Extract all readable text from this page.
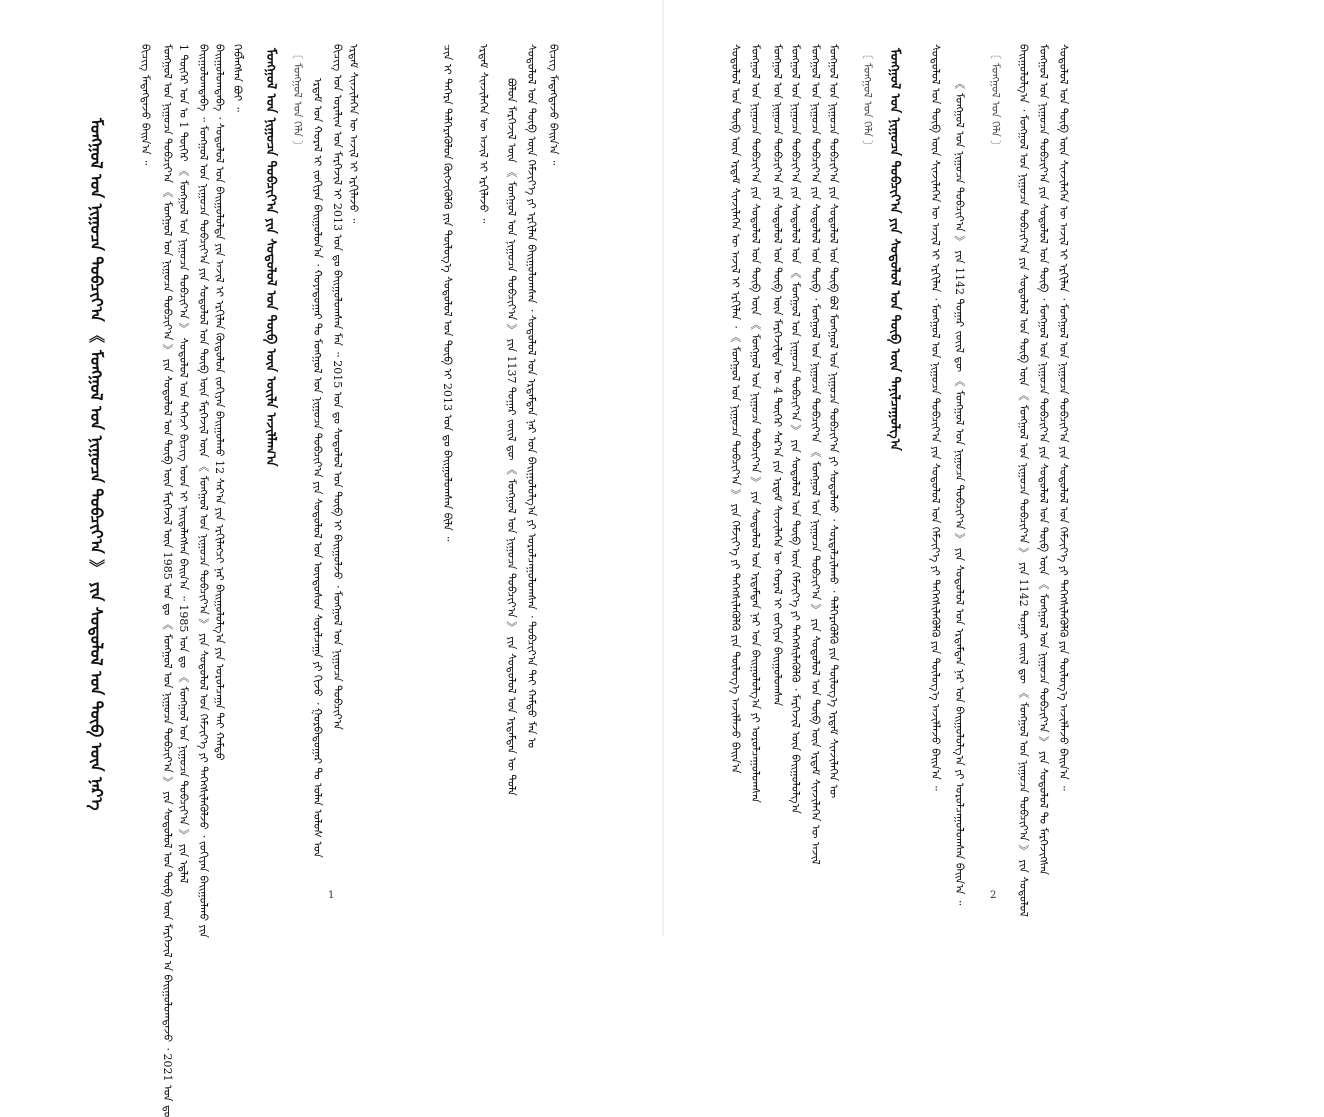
ᠮᠣᠩᠭᠣᠯ ᠤᠨ ᠨᠢᠭᠤᠴᠠ ᠲᠣᠪᠴᠢᠶ᠎ᠠ 《 ᠮᠣᠩᠭᠣᠯ ᠤᠨ ᠨᠢᠭᠤᠴᠠ ᠲᠣᠪᠴᠢᠶ᠎ᠠ 》 ᠶᠢᠨ ᠰᠤᠳᠤᠯᠤᠯ ᠤᠨ ᠲᠥᠪ ᠦᠨ ᠨᠡᠷ᠎ᠡ
ᠪᠢᠴᠢᠭ᠌ ᠮᠡᠳᠡᠭᠳᠡᠵᠦ ᠪᠠᠢᠨ᠎ᠠ ᠃ ᠮᠣᠩᠭᠣᠯ ᠤᠨ ᠨᠢᠭᠤᠴᠠ ᠲᠣᠪᠴᠢᠶ᠎ᠠ 《 ᠮᠣᠩᠭᠣᠯ ᠤᠨ ᠨᠢᠭᠤᠴᠠ ᠲᠣᠪᠴᠢᠶ᠎ᠠ 》 ᠶᠢᠨ ᠰᠤᠳᠤᠯᠤᠯ ᠤᠨ ᠲᠥᠪ ᠦᠨ ᠮᠡᠷᠭᠡᠵᠢᠯ ᠦᠨ 1985 ᠣᠨ ᠳᠤ 《 ᠮᠣᠩᠭᠣᠯ ᠤᠨ ᠨᠢᠭᠤᠴᠠ ᠲᠣᠪᠴᠢᠶ᠎ᠠ 》 ᠶᠢᠨ ᠰᠤᠳᠤᠯᠤᠯ ᠤᠨ ᠲᠥᠪ ᠦᠨ ᠮᠡᠷᠭᠡᠵᠢᠯ ᠡᠨ ᠪᠠᠢᠭᠤᠯᠤᠭᠳᠠᠵᠤ ᠂ 2021 ᠣᠨ ᠳᠤ 1 ᠳᠦᠭᠡᠷ ᠣᠨ ᠤ 1 ᠳᠦᠭᠡᠷ 《 ᠮᠣᠩᠭᠣᠯ ᠤᠨ ᠨᠢᠭᠤᠴᠠ ᠲᠣᠪᠴᠢᠶ᠎ᠠ 》 ᠰᠤᠳᠤᠯᠤᠯ ᠤᠨ ᠳᠡᠭᠡᠵᠢ ᠪᠢᠴᠢᠭ ᠤᠳ ᠢ ᠨᠡᠢᠲᠡᠯᠡᠭᠰᠡᠨ ᠪᠠᠢᠨ᠎ᠠ ᠃ 1985 ᠣᠨ ᠳᠤ 《 ᠮᠣᠩᠭᠣᠯ ᠤᠨ ᠨᠢᠭᠤᠴᠠ ᠲᠣᠪᠴᠢᠶ᠎ᠠ 》 ᠶᠢᠨ ᠡᠳ᠋ᠯᠡᠯ ᠪᠠᠢᠭᠤᠯᠤᠭᠳᠠᠪᠠ ᠃ ᠮᠣᠩᠭᠣᠯ ᠤᠨ ᠨᠢᠭᠤᠴᠠ ᠲᠣᠪᠴᠢᠶ᠎ᠠ ᠶᠢᠨ ᠰᠤᠳᠤᠯᠤᠯ ᠤᠨ ᠲᠥᠪ ᠦᠨ ᠮᠡᠷᠭᠡᠵᠢᠯ ᠦᠨ 《 ᠮᠣᠩᠭᠣᠯ ᠤᠨ ᠨᠢᠭᠤᠴᠠ ᠲᠣᠪᠴᠢᠶ᠎ᠠ 》 ᠶᠢᠨ ᠰᠤᠳᠤᠯᠤᠯ ᠤᠨ ᠬᠡᠮᠵᠢᠶ᠎ᠡ ᠶᠢ ᠳᠡᠭᠡᠭᠰᠢᠯᠡᠭᠦᠯᠵᠦ ᠂ ᠵᠣᠬᠢᠶᠠᠨ ᠪᠠᠢᠭᠤᠯᠬᠤ ᠶᠢᠨ ᠪᠠᠢᠭᠤᠯᠤᠭᠳᠠᠪᠠ ᠂ ᠰᠤᠳᠤᠯᠤᠯ ᠤᠨ ᠪᠠᠢᠭᠤᠯᠤᠯᠲᠠ ᠶᠢᠨ ᠠᠵᠢᠯ ᠢ ᠡᠷᠬᠢᠯᠡᠨ ᠬᠥᠲᠦᠯᠦᠨ ᠵᠣᠬᠢᠶᠠᠨ ᠪᠠᠢᠭᠤᠯᠬᠤ 12 ᠰᠠᠷ᠎ᠠ ᠶᠢᠨ ᠡᠷᠬᠢᠯᠡᠭᠴᠢ ᠨᠠᠷ ᠪᠠᠢᠭᠤᠯᠤᠯᠭ᠎ᠠ ᠶᠢᠨ ᠣᠷᠣᠯᠴᠠᠭᠠ ᠲᠠᠢ ᠬᠠᠮᠲᠤ ᠬᠡᠪᠯᠡᠭᠰᠡᠨ ᠪᠤᠢ ᠃ ᠮᠣᠩᠭᠣᠯ ᠤᠨ ᠨᠢᠭᠤᠴᠠ ᠲᠣᠪᠴᠢᠶ᠎ᠠ ᠶᠢᠨ ᠰᠤᠳᠤᠯᠤᠯ ᠤᠨ ᠲᠥᠪ ᠦᠨ ᠦᠢᠯᠡ ᠠᠵᠢᠯᠯᠠᠭ᠎ᠠ 〔 ᠮᠣᠩᠭᠣᠯ ᠤᠨ ᠬᠡᠯᠡ 〕 ᠡᠷᠳᠡᠮ ᠤᠨ ᠬᠤᠷᠠᠯ ᠢ ᠵᠣᠬᠢᠶᠠᠨ ᠪᠠᠢᠭᠤᠯᠤᠨ᠎ᠠ ᠂ ᠬᠣᠶᠠᠳᠤᠭᠠᠷ ᠲᠤ ᠮᠣᠩᠭᠣᠯ ᠤᠨ ᠨᠢᠭᠤᠴᠠ ᠲᠣᠪᠴᠢᠶ᠎ᠠ ᠶᠢᠨ ᠰᠤᠳᠤᠯᠤᠯ ᠤᠨ ᠦᠨᠳᠦᠰᠦᠨ ᠰᠤᠷᠠᠯᠴᠠᠭᠠ ᠶᠢ ᠬᠢᠵᠦ ᠂ ᠭᠤᠷᠪᠠᠳᠤᠭᠠᠷ ᠲᠤ ᠣᠯᠠᠨ ᠤᠯᠤᠰ ᠤᠨ ᠪᠢᠴᠢᠭ ᠤᠨ ᠤᠷᠠᠯᠢᠭ ᠤᠨ ᠮᠡᠷᠭᠡᠵᠢᠯ ᠢ 2013 ᠣᠨ ᠳᠤ ᠪᠠᠢᠭᠤᠯᠤᠭᠰᠠᠨ ᠮᠠᠨ ᠃ 2015 ᠣᠨ ᠳᠤ ᠰᠤᠳᠤᠯᠤᠯ ᠤᠨ ᠲᠥᠪ ᠢ ᠪᠠᠢᠭᠤᠯᠵᠤ ᠂ ᠮᠣᠩᠭᠣᠯ ᠤᠨ ᠨᠢᠭᠤᠴᠠ ᠲᠣᠪᠴᠢᠶ᠎ᠠ ᠡᠷᠳᠡᠮ ᠰᠢᠨᠵᠢᠯᠡᠭᠡᠨ ᠦ ᠠᠵᠢᠯ ᠢ ᠡᠷᠬᠢᠯᠡᠵᠦ ᠃	ᠴᠢᠨ ᠢ ᠳᠡᠭᠡᠷᠡ ᠳᠡᠯᠭᠡᠷᠡᠭᠦᠯᠦᠨ ᠬᠥᠭᠵᠢᠭᠦᠯᠬᠦ ᠶᠢᠨ ᠲᠥᠯᠦᠭ᠎ᠡ ᠰᠤᠳᠤᠯᠤᠯ ᠤᠨ ᠲᠥᠪ ᠢ 2013 ᠣᠨ ᠳᠤ ᠪᠠᠢᠭᠤᠯᠤᠭᠰᠠᠨ ᠪᠢᠯᠡ ᠃ ᠡᠷᠳᠡᠮ ᠰᠢᠨᠵᠢᠯᠡᠭᠡᠨ ᠦ ᠠᠵᠢᠯ ᠢ ᠡᠷᠬᠢᠯᠡᠵᠦ ᠃ ᠪᠤᠯᠤᠨ ᠮᠡᠷᠭᠡᠵᠢᠯ ᠦᠨ 《 ᠮᠣᠩᠭᠣᠯ ᠤᠨ ᠨᠢᠭᠤᠴᠠ ᠲᠣᠪᠴᠢᠶ᠎ᠠ 》 ᠶᠢᠨ 1137 ᠳᠤᠭᠠᠷ ᠵᠦᠢᠯ ᠳᠦ 《 ᠮᠣᠩᠭᠣᠯ ᠤᠨ ᠨᠢᠭᠤᠴᠠ ᠲᠣᠪᠴᠢᠶ᠎ᠠ 》 ᠶᠢᠨ ᠰᠤᠳᠤᠯᠤᠯ ᠤᠨ ᠡᠷᠳᠡᠮᠲᠡᠨ ᠦ ᠳᠤᠯᠠ ᠰᠤᠳᠤᠯᠤᠯ ᠤᠨ ᠲᠥᠪ ᠦᠨ ᠬᠡᠮᠵᠢᠶ᠎ᠡ ᠶᠢ ᠡᠷᠬᠢᠯᠡᠨ ᠪᠠᠢᠭᠤᠯᠤᠭᠰᠠᠨ ᠂ ᠰᠤᠳᠤᠯᠤᠯ ᠤᠨ ᠡᠷᠳᠡᠮᠲᠡᠨ ᠨᠠᠷ ᠤᠨ ᠪᠠᠢᠭᠤᠯᠤᠯᠭ᠎ᠠ ᠶᠢ ᠣᠷᠣᠯᠴᠠᠭᠤᠯᠤᠭᠰᠠᠨ ᠂ ᠲᠣᠪᠴᠢᠶ᠎ᠠ ᠲᠠᠢ ᠬᠠᠮᠲᠤ ᠮᠠᠨ ᠤ ᠪᠢᠴᠢᠭ᠌ ᠮᠡᠳᠡᠭᠳᠡᠵᠦ ᠪᠠᠢᠨ᠎ᠠ ᠃
1
ᠰᠤᠳᠤᠯᠤᠯ ᠤᠨ ᠲᠥᠪ ᠦᠨ ᠡᠷᠳᠡᠮ ᠰᠢᠨᠵᠢᠯᠡᠭᠡᠨ ᠦ ᠠᠵᠢᠯ ᠢ ᠡᠷᠬᠢᠯᠡᠨ ᠂ 《 ᠮᠣᠩᠭᠣᠯ ᠤᠨ ᠨᠢᠭᠤᠴᠠ ᠲᠣᠪᠴᠢᠶ᠎ᠠ 》 ᠶᠢᠨ ᠬᠡᠮᠵᠢᠶ᠎ᠡ ᠶᠢ ᠳᠡᠭᠡᠭᠰᠢᠯᠡᠭᠦᠯᠬᠦ ᠶᠢᠨ ᠲᠥᠯᠦᠭ᠎ᠡ ᠠᠵᠢᠯᠯᠠᠵᠤ ᠪᠠᠢᠨ᠎ᠠ ᠮᠣᠩᠭᠣᠯ ᠤᠨ ᠨᠢᠭᠤᠴᠠ ᠲᠣᠪᠴᠢᠶ᠎ᠠ ᠶᠢᠨ ᠰᠤᠳᠤᠯᠤᠯ ᠤᠨ ᠲᠥᠪ ᠦᠨ 《 ᠮᠣᠩᠭᠣᠯ ᠤᠨ ᠨᠢᠭᠤᠴᠠ ᠲᠣᠪᠴᠢᠶ᠎ᠠ 》 ᠶᠢᠨ ᠰᠤᠳᠤᠯᠤᠯ ᠤᠨ ᠡᠷᠳᠡᠮᠲᠡᠨ ᠨᠠᠷ ᠤᠨ ᠪᠠᠢᠭᠤᠯᠤᠯᠭ᠎ᠠ ᠶᠢ ᠣᠷᠣᠯᠴᠠᠭᠤᠯᠤᠭᠰᠠᠨ ᠮᠣᠩᠭᠣᠯ ᠤᠨ ᠨᠢᠭᠤᠴᠠ ᠲᠣᠪᠴᠢᠶ᠎ᠠ ᠶᠢᠨ ᠰᠤᠳᠤᠯᠤᠯ ᠤᠨ ᠲᠥᠪ ᠦᠨ ᠮᠡᠷᠭᠡᠵᠢᠯᠲᠡᠨ ᠦ 4 ᠳᠦᠭᠡᠷ ᠰᠠᠷ᠎ᠠ ᠶᠢᠨ ᠡᠷᠳᠡᠮ ᠰᠢᠨᠵᠢᠯᠡᠭᠡᠨ ᠦ ᠬᠤᠷᠠᠯ ᠢ ᠵᠣᠬᠢᠶᠠᠨ ᠪᠠᠢᠭᠤᠯᠤᠭᠰᠠᠨ ᠮᠣᠩᠭᠣᠯ ᠤᠨ ᠨᠢᠭᠤᠴᠠ ᠲᠣᠪᠴᠢᠶ᠎ᠠ ᠶᠢᠨ ᠰᠤᠳᠤᠯᠤᠯ ᠤᠨ 《 ᠮᠣᠩᠭᠣᠯ ᠤᠨ ᠨᠢᠭᠤᠴᠠ ᠲᠣᠪᠴᠢᠶ᠎ᠠ 》 ᠶᠢᠨ ᠰᠤᠳᠤᠯᠤᠯ ᠤᠨ ᠲᠥᠪ ᠦᠨ ᠬᠡᠮᠵᠢᠶ᠎ᠡ ᠶᠢ ᠳᠡᠭᠡᠭᠰᠢᠯᠡᠭᠦᠯᠬᠦ ᠂ ᠮᠡᠷᠭᠡᠵᠢᠯ ᠦᠨ ᠪᠠᠢᠭᠤᠯᠤᠯᠭ᠎ᠠ ᠮᠣᠩᠭᠣᠯ ᠤᠨ ᠨᠢᠭᠤᠴᠠ ᠲᠣᠪᠴᠢᠶ᠎ᠠ ᠶᠢᠨ ᠰᠤᠳᠤᠯᠤᠯ ᠤᠨ ᠲᠥᠪ ᠂ ᠮᠣᠩᠭᠣᠯ ᠤᠨ ᠨᠢᠭᠤᠴᠠ ᠲᠣᠪᠴᠢᠶ᠎ᠠ 《 ᠮᠣᠩᠭᠣᠯ ᠤᠨ ᠨᠢᠭᠤᠴᠠ ᠲᠣᠪᠴᠢᠶ᠎ᠠ 》 ᠶᠢᠨ ᠰᠤᠳᠤᠯᠤᠯ ᠤᠨ ᠲᠥᠪ ᠦᠨ ᠡᠷᠳᠡᠮ ᠰᠢᠨᠵᠢᠯᠡᠭᠡᠨ ᠦ ᠠᠵᠢᠯ ᠮᠣᠩᠭᠣᠯ ᠤᠨ ᠨᠢᠭᠤᠴᠠ ᠲᠣᠪᠴᠢᠶ᠎ᠠ ᠶᠢᠨ ᠰᠤᠳᠤᠯᠤᠯ ᠤᠨ ᠲᠥᠪ ᠪᠣᠯ ᠮᠣᠩᠭᠣᠯ ᠤᠨ ᠨᠢᠭᠤᠴᠠ ᠲᠣᠪᠴᠢᠶ᠎ᠠ ᠶᠢ ᠰᠤᠳᠤᠯᠬᠤ ᠂ ᠰᠤᠷᠲᠠᠯᠴᠢᠯᠠᠬᠤ ᠂ ᠳᠡᠯᠭᠡᠷᠡᠭᠦᠯᠬᠦ ᠶᠢᠨ ᠲᠥᠯᠦᠭ᠎ᠡ ᠡᠷᠳᠡᠮ ᠰᠢᠨᠵᠢᠯᠡᠭᠡᠨ ᠦ 〔 ᠮᠣᠩᠭᠣᠯ ᠤᠨ ᠬᠡᠯᠡ 〕 ᠮᠣᠩᠭᠣᠯ ᠤᠨ ᠨᠢᠭᠤᠴᠠ ᠲᠣᠪᠴᠢᠶ᠎ᠠ ᠶᠢᠨ ᠰᠤᠳᠤᠯᠤᠯ ᠤᠨ ᠲᠥᠪ ᠦᠨ ᠲᠠᠨᠢᠯᠴᠠᠭᠤᠯᠭ᠎ᠠ ᠰᠤᠳᠤᠯᠤᠯ ᠤᠨ ᠲᠥᠪ ᠦᠨ ᠰᠢᠨᠵᠢᠯᠡᠭᠡᠨ ᠦ ᠠᠵᠢᠯ ᠢ ᠡᠷᠬᠢᠯᠡᠨ ᠂ ᠮᠣᠩᠭᠣᠯ ᠤᠨ ᠨᠢᠭᠤᠴᠠ ᠲᠣᠪᠴᠢᠶ᠎ᠠ ᠶᠢᠨ ᠰᠤᠳᠤᠯᠤᠯ ᠤᠨ ᠬᠡᠮᠵᠢᠶ᠎ᠡ ᠶᠢ ᠳᠡᠭᠡᠭᠰᠢᠯᠡᠭᠦᠯᠬᠦ ᠶᠢᠨ ᠲᠥᠯᠦᠭ᠎ᠡ ᠠᠵᠢᠯᠯᠠᠵᠤ ᠪᠠᠢᠨ᠎ᠠ ᠃ 《 ᠮᠣᠩᠭᠣᠯ ᠤᠨ ᠨᠢᠭᠤᠴᠠ ᠲᠣᠪᠴᠢᠶ᠎ᠠ 》 ᠶᠢᠨ 1142 ᠳᠤᠭᠠᠷ ᠵᠦᠢᠯ ᠳᠦ 《 ᠮᠣᠩᠭᠣᠯ ᠤᠨ ᠨᠢᠭᠤᠴᠠ ᠲᠣᠪᠴᠢᠶ᠎ᠠ 》 ᠶᠢᠨ ᠰᠤᠳᠤᠯᠤᠯ ᠤᠨ ᠡᠷᠳᠡᠮᠲᠡᠨ ᠨᠠᠷ ᠤᠨ ᠪᠠᠢᠭᠤᠯᠤᠯᠭ᠎ᠠ ᠶᠢ ᠣᠷᠣᠯᠴᠠᠭᠤᠯᠤᠭᠰᠠᠨ ᠪᠠᠢᠨ᠎ᠠ ᠃ 〔 ᠮᠣᠩᠭᠣᠯ ᠤᠨ ᠬᠡᠯᠡ 〕 ᠪᠠᠢᠭᠤᠯᠤᠯᠭ᠎ᠠ ᠂ ᠮᠣᠩᠭᠣᠯ ᠤᠨ ᠨᠢᠭᠤᠴᠠ ᠲᠣᠪᠴᠢᠶ᠎ᠠ ᠶᠢᠨ ᠰᠤᠳᠤᠯᠤᠯ ᠤᠨ ᠲᠥᠪ ᠦᠨ 《 ᠮᠣᠩᠭᠣᠯ ᠤᠨ ᠨᠢᠭᠤᠴᠠ ᠲᠣᠪᠴᠢᠶ᠎ᠠ 》 ᠶᠢᠨ 1142 ᠳᠤᠭᠠᠷ ᠵᠦᠢᠯ ᠳᠦ 《 ᠮᠣᠩᠭᠣᠯ ᠤᠨ ᠨᠢᠭᠤᠴᠠ ᠲᠣᠪᠴᠢᠶ᠎ᠠ 》 ᠶᠢᠨ ᠰᠤᠳᠤᠯᠤᠯ ᠮᠣᠩᠭᠣᠯ ᠤᠨ ᠨᠢᠭᠤᠴᠠ ᠲᠣᠪᠴᠢᠶ᠎ᠠ ᠶᠢᠨ ᠰᠤᠳᠤᠯᠤᠯ ᠤᠨ ᠲᠥᠪ ᠂ ᠮᠣᠩᠭᠣᠯ ᠤᠨ ᠨᠢᠭᠤᠴᠠ ᠲᠣᠪᠴᠢᠶ᠎ᠠ ᠶᠢᠨ ᠰᠤᠳᠤᠯᠤᠯ ᠤᠨ ᠲᠥᠪ ᠦᠨ 《 ᠮᠣᠩᠭᠣᠯ ᠤᠨ ᠨᠢᠭᠤᠴᠠ ᠲᠣᠪᠴᠢᠶ᠎ᠠ 》 ᠶᠢᠨ ᠰᠤᠳᠤᠯᠤᠯ ᠲᠤ ᠮᠡᠷᠭᠡᠵᠢᠭᠰᠡᠨ ᠰᠤᠳᠤᠯᠤᠯ ᠤᠨ ᠲᠥᠪ ᠦᠨ ᠰᠢᠨᠵᠢᠯᠡᠭᠡᠨ ᠦ ᠠᠵᠢᠯ ᠢ ᠡᠷᠬᠢᠯᠡᠨ ᠂ ᠮᠣᠩᠭᠣᠯ ᠤᠨ ᠨᠢᠭᠤᠴᠠ ᠲᠣᠪᠴᠢᠶ᠎ᠠ ᠶᠢᠨ ᠰᠤᠳᠤᠯᠤᠯ ᠤᠨ ᠬᠡᠮᠵᠢᠶ᠎ᠡ ᠶᠢ ᠳᠡᠭᠡᠭᠰᠢᠯᠡᠭᠦᠯᠬᠦ ᠶᠢᠨ ᠲᠥᠯᠦᠭ᠎ᠡ ᠠᠵᠢᠯᠯᠠᠵᠤ ᠪᠠᠢᠨ᠎ᠠ ᠃
2
